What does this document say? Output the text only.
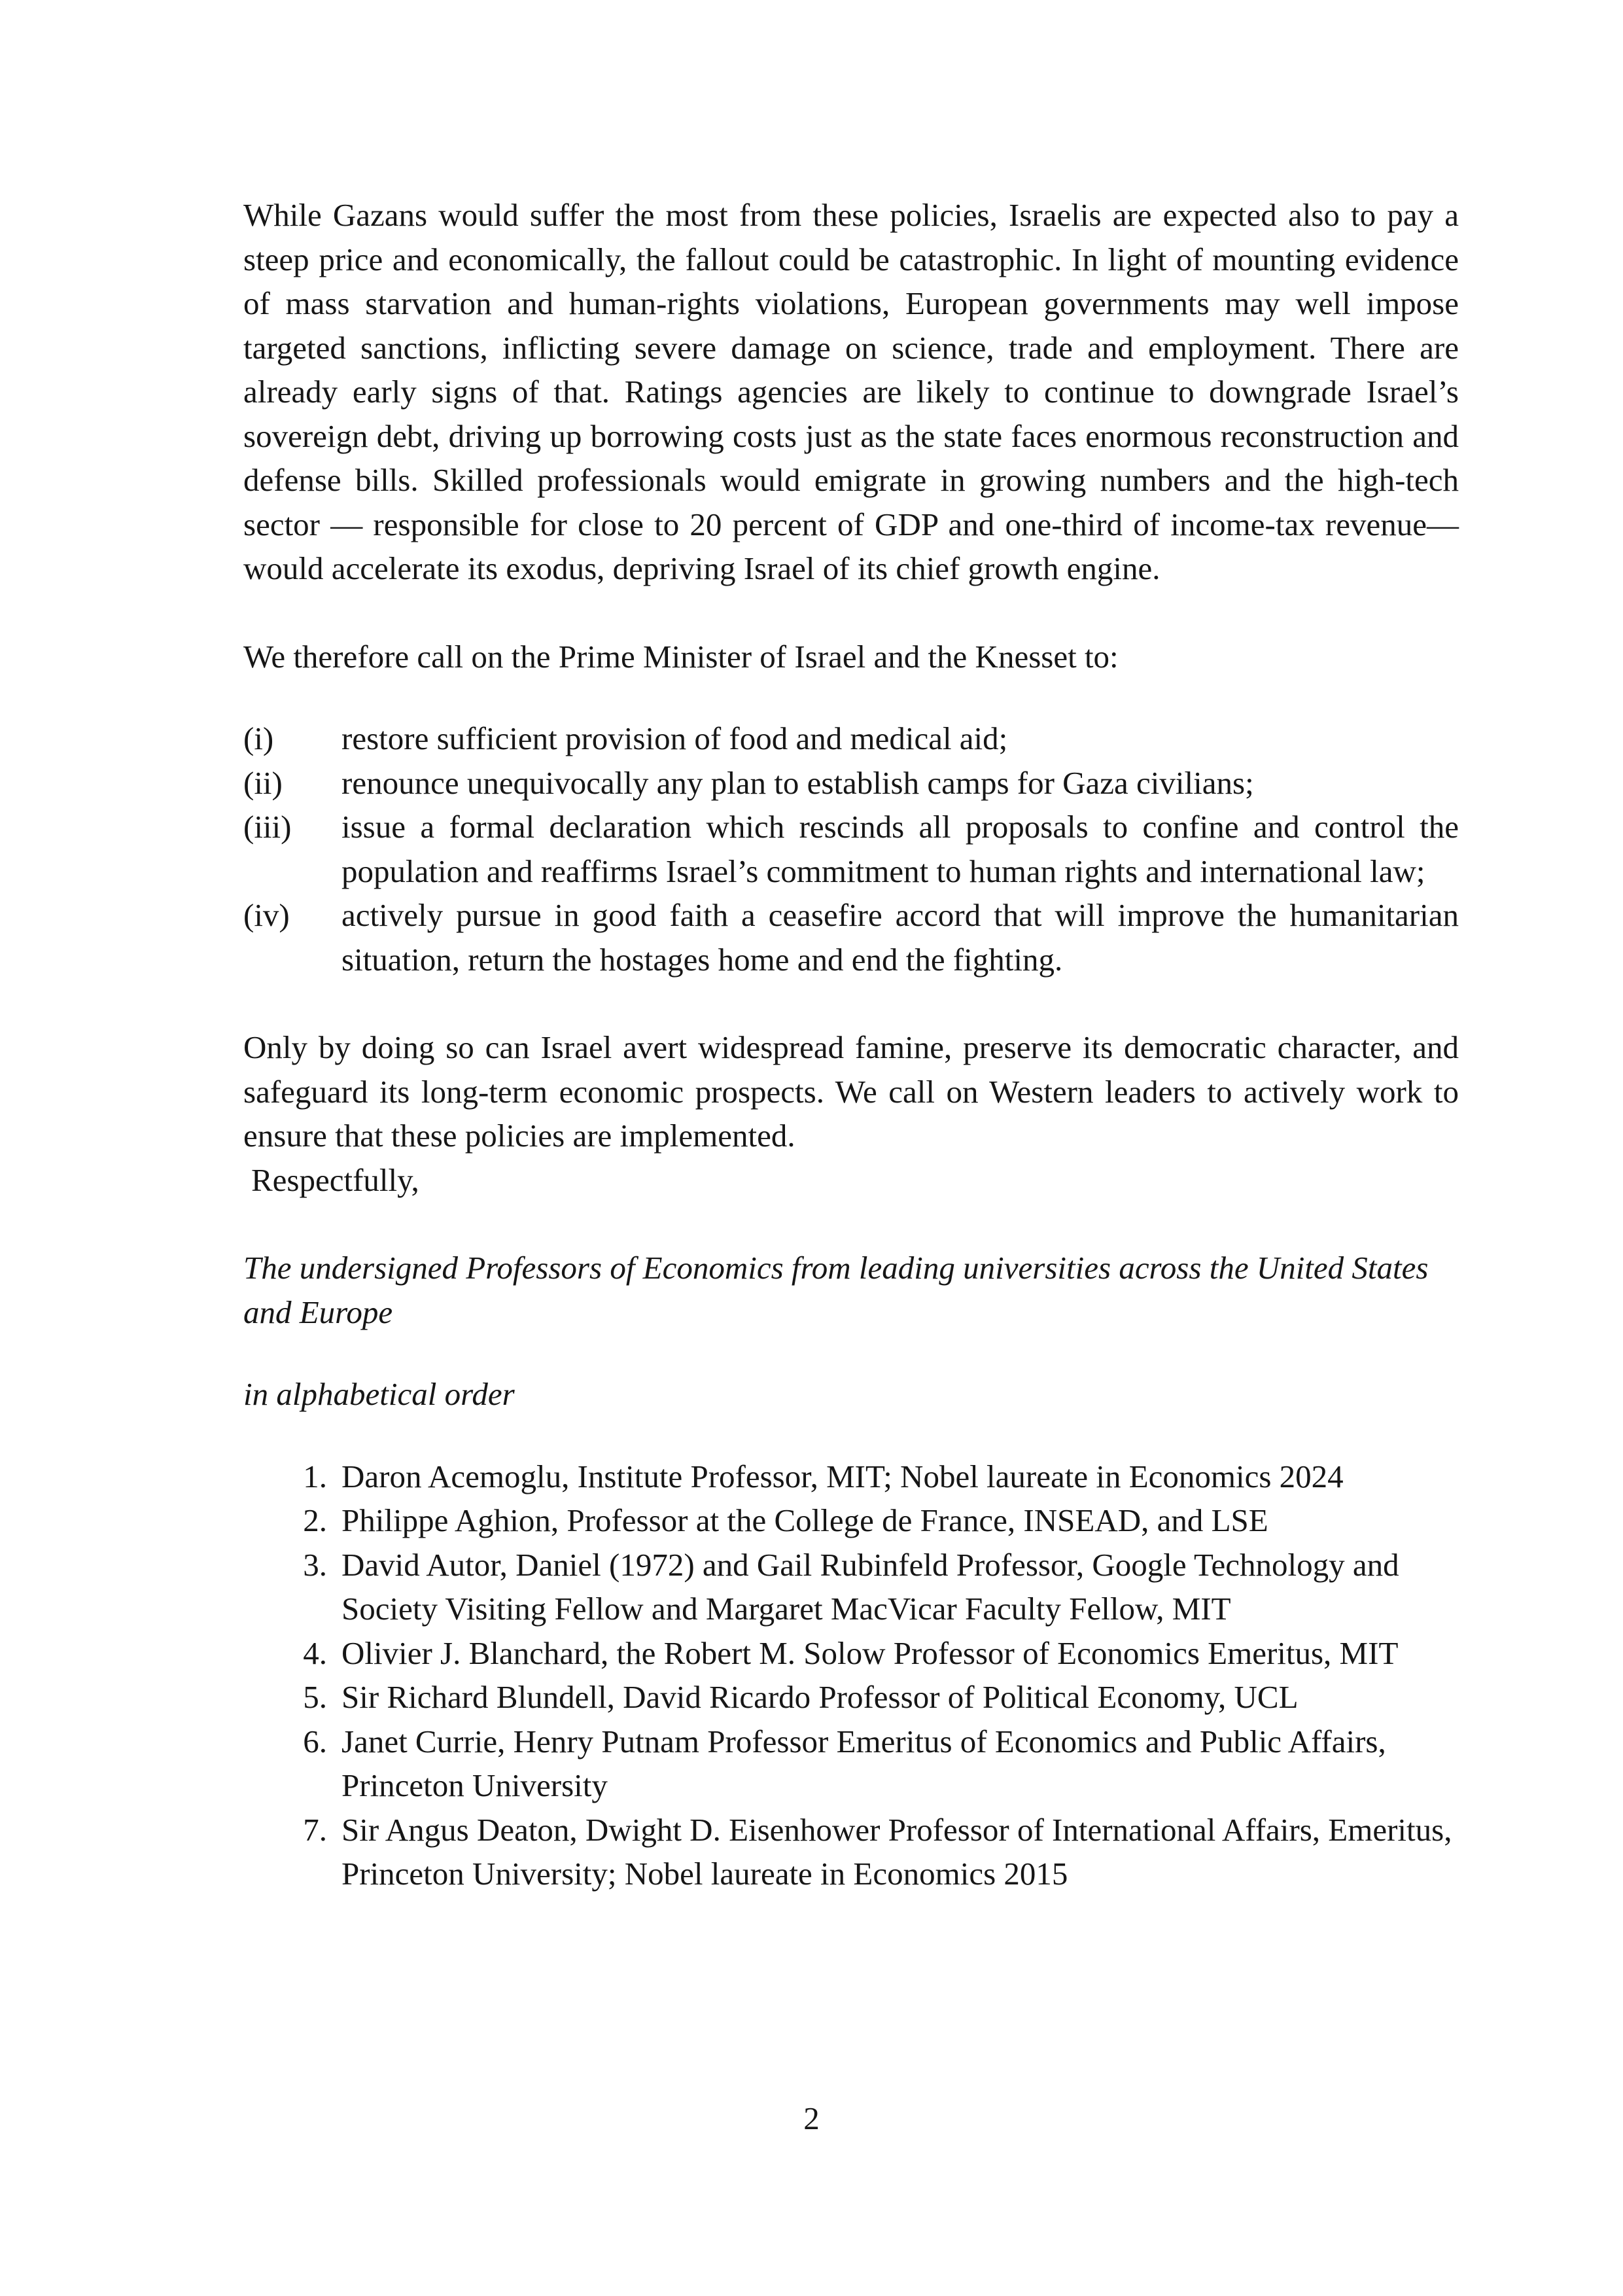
While Gazans would suffer the most from these policies, Israelis are expected also to pay a steep price and economically, the fallout could be catastrophic. In light of mounting evidence of mass starvation and human-rights violations, European governments may well impose targeted sanctions, inflicting severe damage on science, trade and employment. There are already early signs of that. Ratings agencies are likely to continue to downgrade Israel’s sovereign debt, driving up borrowing costs just as the state faces enormous reconstruction and defense bills. Skilled professionals would emigrate in growing numbers and the high-tech sector — responsible for close to 20 percent of GDP and one-third of income-tax revenue— would accelerate its exodus, depriving Israel of its chief growth engine.

We therefore call on the Prime Minister of Israel and the Knesset to:

(i)	restore sufficient provision of food and medical aid;
(ii)	renounce unequivocally any plan to establish camps for Gaza civilians;
(iii)	issue a formal declaration which rescinds all proposals to confine and control the population and reaffirms Israel’s commitment to human rights and international law;
(iv)	actively pursue in good faith a ceasefire accord that will improve the humanitarian situation, return the hostages home and end the fighting.

Only by doing so can Israel avert widespread famine, preserve its democratic character, and safeguard its long-term economic prospects. We call on Western leaders to actively work to ensure that these policies are implemented.

Respectfully,

The undersigned Professors of Economics from leading universities across the United States and Europe

in alphabetical order

1. Daron Acemoglu, Institute Professor, MIT; Nobel laureate in Economics 2024
2. Philippe Aghion, Professor at the College de France, INSEAD, and LSE
3. David Autor, Daniel (1972) and Gail Rubinfeld Professor, Google Technology and Society Visiting Fellow and Margaret MacVicar Faculty Fellow, MIT
4. Olivier J. Blanchard, the Robert M. Solow Professor of Economics Emeritus, MIT
5. Sir Richard Blundell, David Ricardo Professor of Political Economy, UCL
6. Janet Currie, Henry Putnam Professor Emeritus of Economics and Public Affairs, Princeton University
7. Sir Angus Deaton, Dwight D. Eisenhower Professor of International Affairs, Emeritus, Princeton University; Nobel laureate in Economics 2015
2
